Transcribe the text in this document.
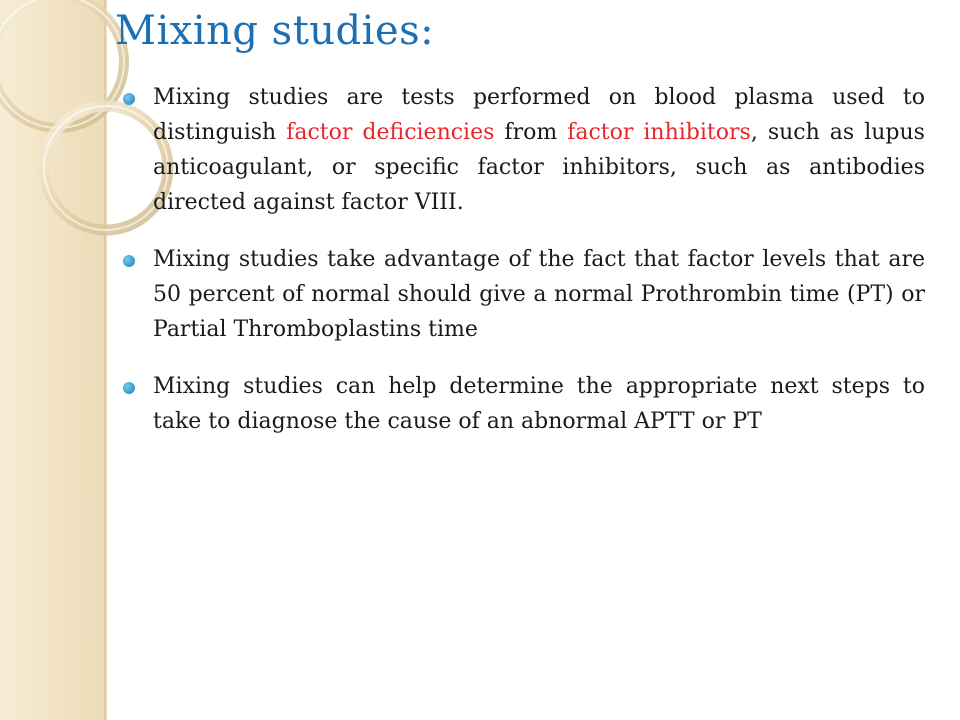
Mixing studies:

Mixing studies are tests performed on blood plasma used to distinguish factor deficiencies from factor inhibitors, such as lupus anticoagulant, or specific factor inhibitors, such as antibodies directed against factor VIII.

Mixing studies take advantage of the fact that factor levels that are 50 percent of normal should give a normal Prothrombin time (PT) or Partial Thromboplastins time

Mixing studies can help determine the appropriate next steps to take to diagnose the cause of an abnormal APTT or PT
